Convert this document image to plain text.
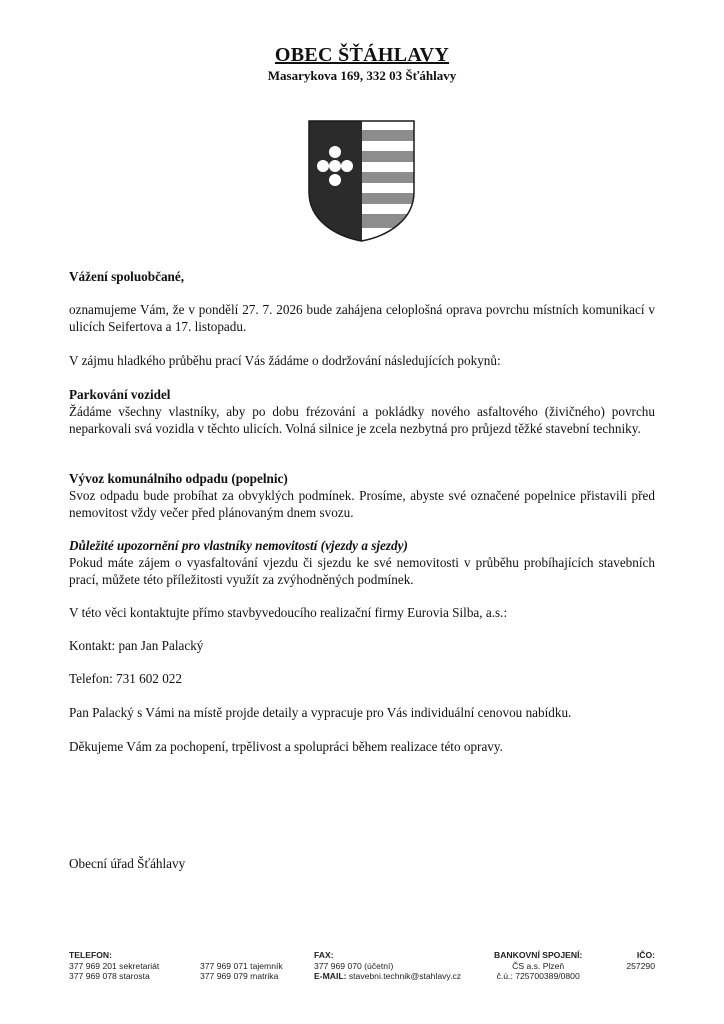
OBEC ŠŤÁHLAVY
Masarykova 169, 332 03 Šťáhlavy
Vážení spoluobčané,
oznamujeme Vám, že v pondělí 27. 7. 2026 bude zahájena celoplošná oprava povrchu místních komunikací v ulicích Seifertova a 17. listopadu.
V zájmu hladkého průběhu prací Vás žádáme o dodržování následujících pokynů:
Parkování vozidel
Žádáme všechny vlastníky, aby po dobu frézování a pokládky nového asfaltového (živičného) povrchu neparkovali svá vozidla v těchto ulicích. Volná silnice je zcela nezbytná pro průjezd těžké stavební techniky.
Vývoz komunálního odpadu (popelnic)
Svoz odpadu bude probíhat za obvyklých podmínek. Prosíme, abyste své označené popelnice přistavili před nemovitost vždy večer před plánovaným dnem svozu.
Důležité upozornění pro vlastníky nemovitostí (vjezdy a sjezdy)
Pokud máte zájem o vyasfaltování vjezdu či sjezdu ke své nemovitosti v průběhu probíhajících stavebních prací, můžete této příležitosti využít za zvýhodněných podmínek.
V této věci kontaktujte přímo stavbyvedoucího realizační firmy Eurovia Silba, a.s.:
Kontakt: pan Jan Palacký
Telefon: 731 602 022
Pan Palacký s Vámi na místě projde detaily a vypracuje pro Vás individuální cenovou nabídku.
Děkujeme Vám za pochopení, trpělivost a spolupráci během realizace této opravy.
Obecní úřad Šťáhlavy
TELEFON:
377 969 201 sekretariát
377 969 078 starosta
377 969 071 tajemník
377 969 079 matrika
FAX:
377 969 070 (účetní)
E-MAIL: stavebni.technik@stahlavy.cz
BANKOVNÍ SPOJENÍ:
ČS a.s. Plzeň
č.ú.: 725700389/0800
IČO:
257290
